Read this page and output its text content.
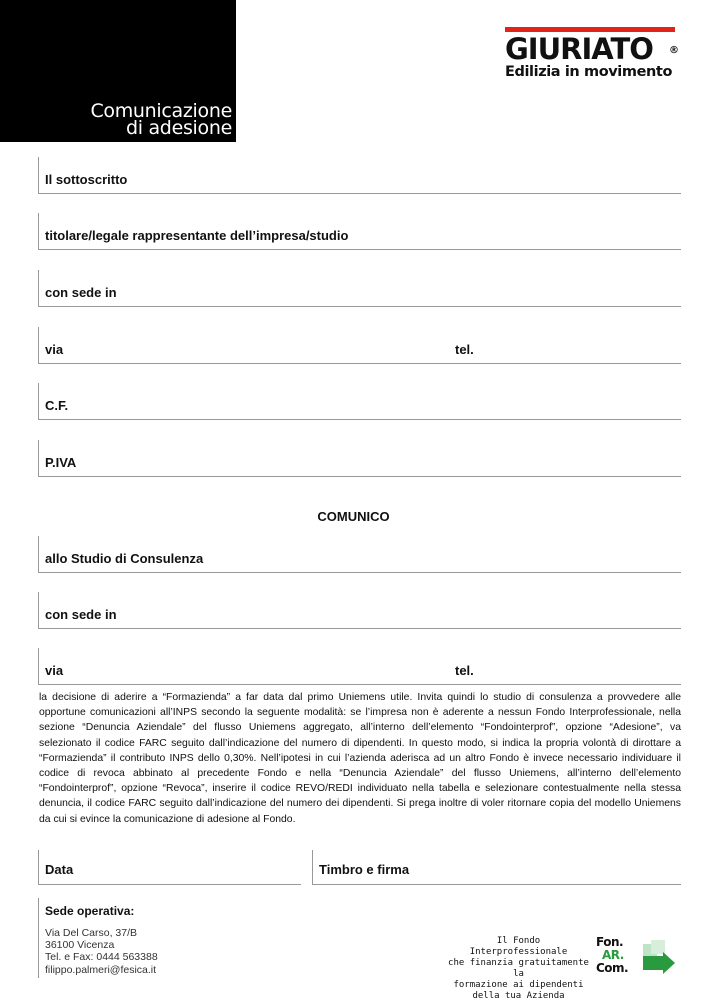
Comunicazione
di adesione
GIURIATO ®
Edilizia in movimento
Il sottoscritto
titolare/legale rappresentante dell’impresa/studio
con sede in
via	tel.
C.F.
P.IVA
COMUNICO
allo Studio di Consulenza
con sede in
via	tel.
la decisione di aderire a “Formazienda” a far data dal primo Uniemens utile. Invita quindi lo studio di consulenza a provvedere alle opportune comunicazioni all’INPS secondo la seguente modalità: se l’impresa non è aderente a nessun Fondo Interprofessionale, nella sezione “Denuncia Aziendale” del flusso Uniemens aggregato, all’interno dell’elemento “Fondointerprof”, opzione “Adesione”, va selezionato il codice FARC seguito dall’indicazione del numero di dipendenti. In questo modo, si indica la propria volontà di dirottare a “Formazienda” il contributo INPS dello 0,30%. Nell’ipotesi in cui l’azienda aderisca ad un altro Fondo è invece necessario individuare il codice di revoca abbinato al precedente Fondo e nella “Denuncia Aziendale” del flusso Uniemens, all’interno dell’elemento “Fondointerprof”, opzione “Revoca”, inserire il codice REVO/REDI individuato nella tabella e selezionare contestualmente nella stessa denuncia, il codice FARC seguito dall’indicazione del numero dei dipendenti. Si prega inoltre di voler ritornare copia del modello Uniemens da cui si evince la comunicazione di adesione al Fondo.
Data	Timbro e firma
Sede operativa:
Via Del Carso, 37/B
36100 Vicenza
Tel. e Fax: 0444 563388
filippo.palmeri@fesica.it
Il Fondo Interprofessionale
che finanzia gratuitamente la
formazione ai dipendenti
della tua Azienda
Fon.
AR.
Com.
